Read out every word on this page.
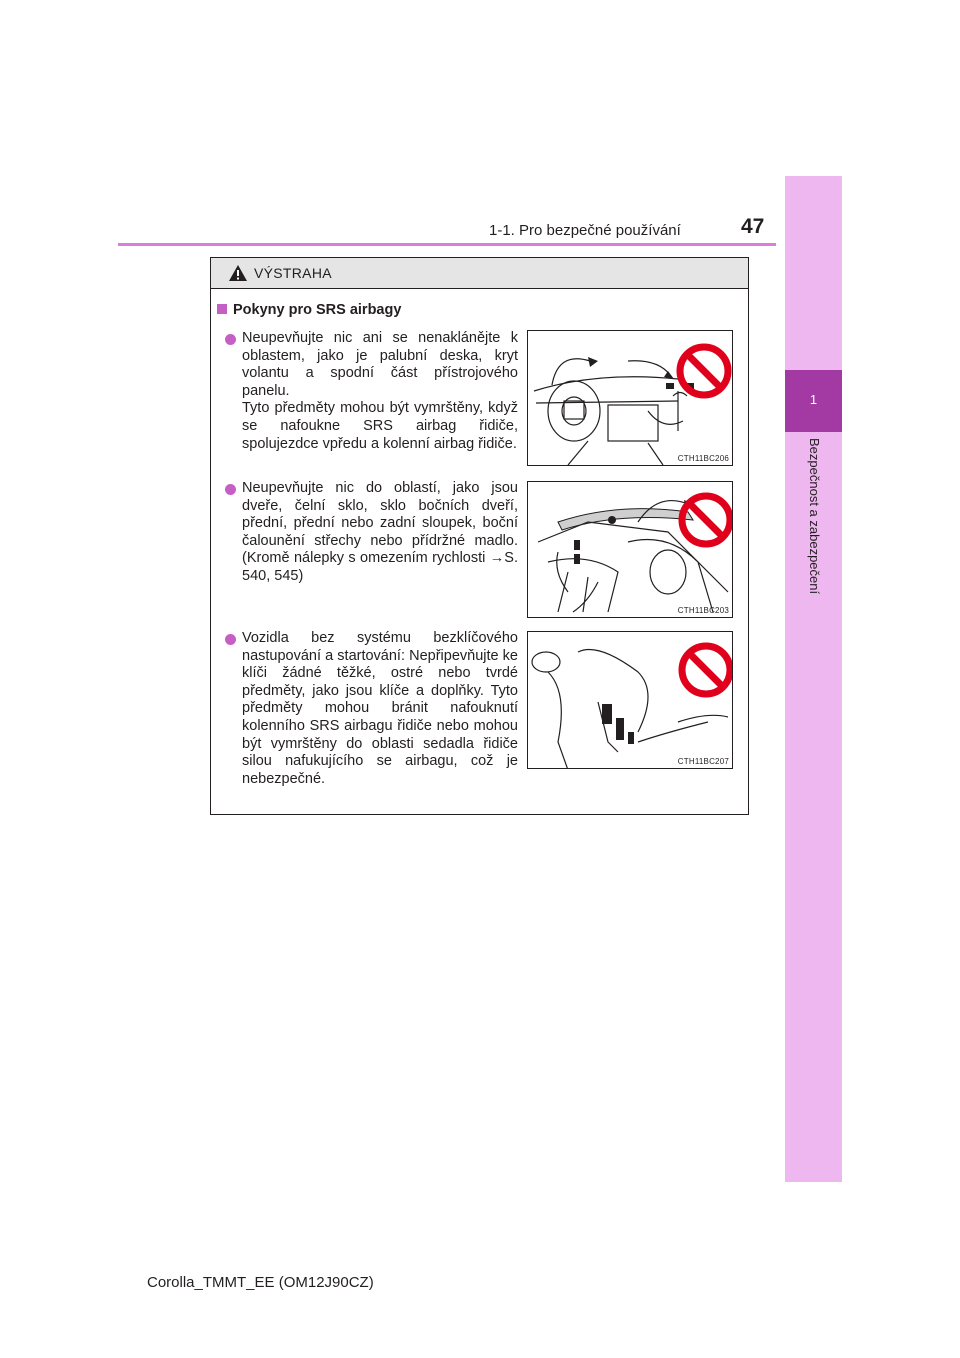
1-1. Pro bezpečné používání	47
1
Bezpečnost a zabezpečení
VÝSTRAHA
Pokyny pro SRS airbagy
Neupevňujte nic ani se nenaklánějte k oblastem, jako je palubní deska, kryt volantu a spodní část přístrojového panelu.
Tyto předměty mohou být vymrštěny, když se nafoukne SRS airbag řidiče, spolujezdce vpředu a kolenní airbag řidiče.
CTH11BC206
Neupevňujte nic do oblastí, jako jsou dveře, čelní sklo, sklo bočních dveří, přední, přední nebo zadní sloupek, boční čalounění střechy nebo přídržné madlo. (Kromě nálepky s omezením rychlosti →S. 540, 545)
CTH11BC203
Vozidla bez systému bezklíčového nastupování a startování: Nepřipevňujte ke klíči žádné těžké, ostré nebo tvrdé předměty, jako jsou klíče a doplňky. Tyto předměty mohou bránit nafouknutí kolenního SRS airbagu řidiče nebo mohou být vymrštěny do oblasti sedadla řidiče silou nafukujícího se airbagu, což je nebezpečné.
CTH11BC207
Corolla_TMMT_EE (OM12J90CZ)
